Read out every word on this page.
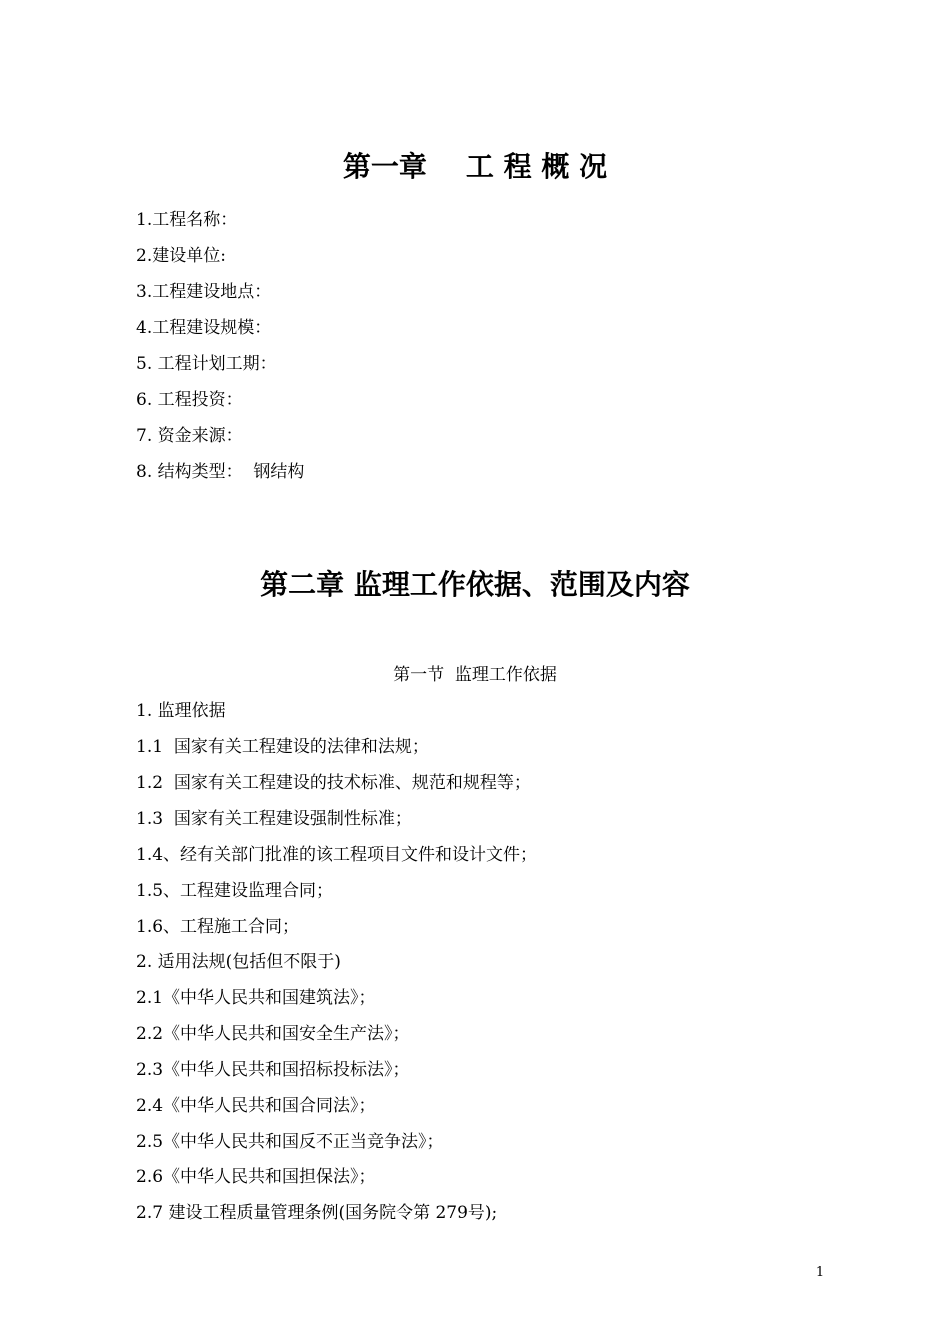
第一章    工 程 概 况
1.工程名称：
2.建设单位:
3.工程建设地点：
4.工程建设规模：
5. 工程计划工期：
6. 工程投资：
7. 资金来源：
8. 结构类型：  钢结构
第二章 监理工作依据、范围及内容
第一节  监理工作依据
1. 监理依据
1.1  国家有关工程建设的法律和法规；
1.2  国家有关工程建设的技术标准、规范和规程等；
1.3  国家有关工程建设强制性标准；
1.4、经有关部门批准的该工程项目文件和设计文件；
1.5、工程建设监理合同；
1.6、工程施工合同；
2. 适用法规(包括但不限于)
2.1《中华人民共和国建筑法》；
2.2《中华人民共和国安全生产法》；
2.3《中华人民共和国招标投标法》；
2.4《中华人民共和国合同法》；
2.5《中华人民共和国反不正当竞争法》；
2.6《中华人民共和国担保法》；
2.7 建设工程质量管理条例(国务院令第 279号);
1
